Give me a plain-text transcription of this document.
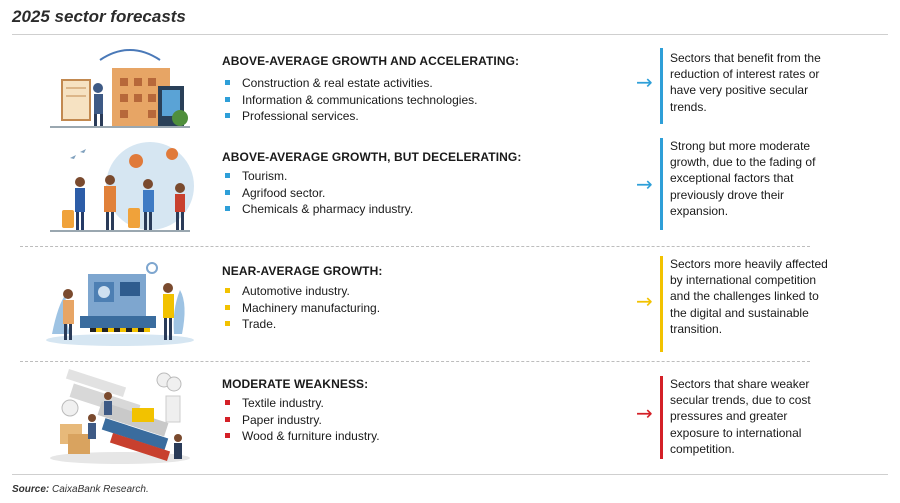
2025 sector forecasts
ABOVE-AVERAGE GROWTH AND ACCELERATING:
Construction & real estate activities.
Information & communications technologies.
Professional services.
→
Sectors that benefit from the reduction of interest rates or have very positive secular trends.
ABOVE-AVERAGE GROWTH, BUT DECELERATING:
Tourism.
Agrifood sector.
Chemicals & pharmacy industry.
→
Strong but more moderate growth, due to the fading of exceptional factors that previously drove their expansion.
NEAR-AVERAGE GROWTH:
Automotive industry.
Machinery manufacturing.
Trade.
→
Sectors more heavily affected by international competition and the challenges linked to the digital and sustainable transition.
MODERATE WEAKNESS:
Textile industry.
Paper industry.
Wood & furniture industry.
→
Sectors that share weaker secular trends, due to cost pressures and greater exposure to international competition.
Source: CaixaBank Research.
